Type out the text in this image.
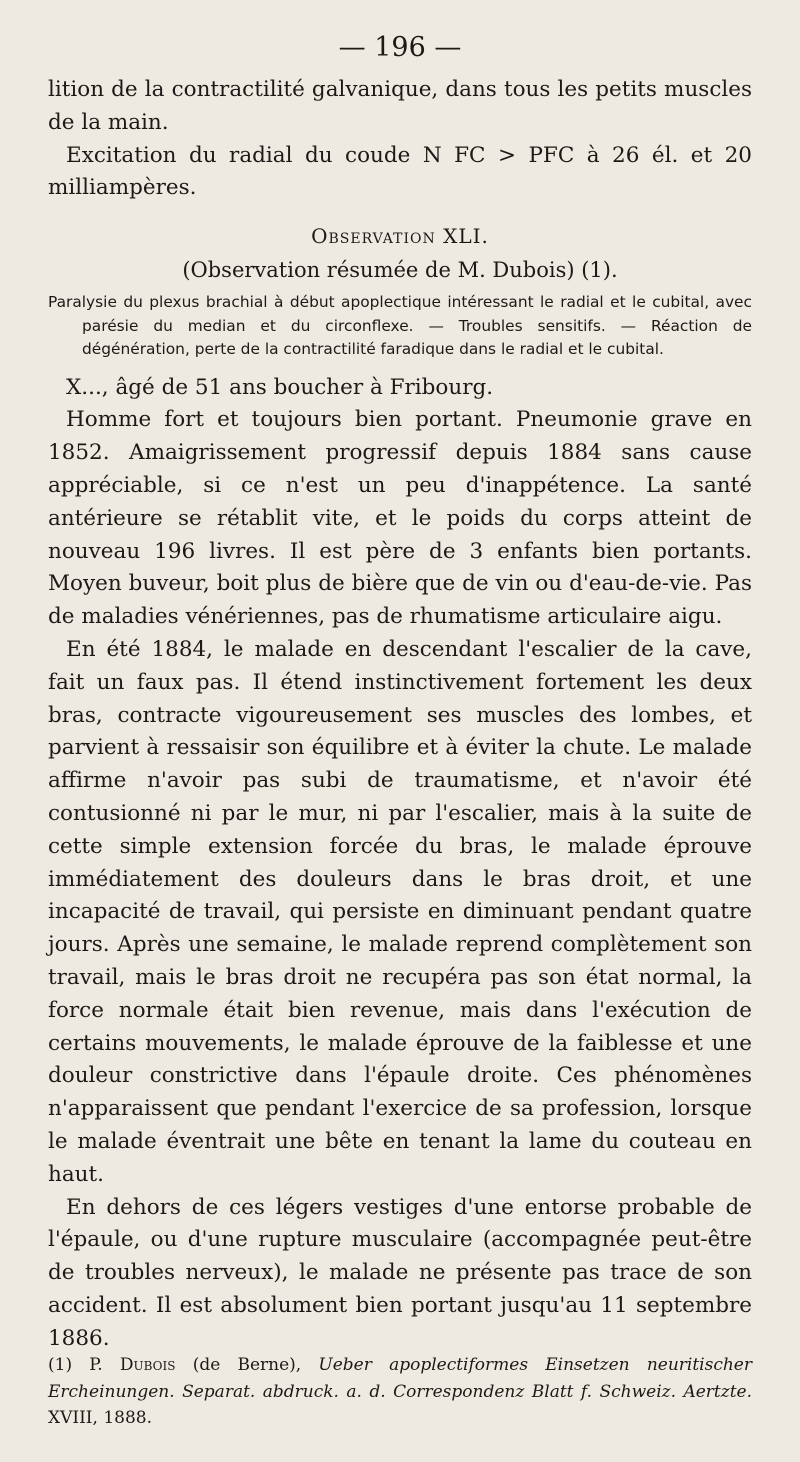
— 196 —

lition de la contractilité galvanique, dans tous les petits muscles de la main.

Excitation du radial du coude N FC > PFC à 26 él. et 20 milliampères.

Observation XLI.
(Observation résumée de M. Dubois) (1).

Paralysie du plexus brachial à début apoplectique intéressant le radial et le cubital, avec parésie du median et du circonflexe. — Troubles sensitifs. — Réaction de dégénération, perte de la contractilité faradique dans le radial et le cubital.

X..., âgé de 51 ans boucher à Fribourg.

Homme fort et toujours bien portant. Pneumonie grave en 1852. Amaigrissement progressif depuis 1884 sans cause appréciable, si ce n'est un peu d'inappétence. La santé antérieure se rétablit vite, et le poids du corps atteint de nouveau 196 livres. Il est père de 3 enfants bien portants. Moyen buveur, boit plus de bière que de vin ou d'eau-de-vie. Pas de maladies vénériennes, pas de rhumatisme articulaire aigu.

En été 1884, le malade en descendant l'escalier de la cave, fait un faux pas. Il étend instinctivement fortement les deux bras, contracte vigoureusement ses muscles des lombes, et parvient à ressaisir son équilibre et à éviter la chute. Le malade affirme n'avoir pas subi de traumatisme, et n'avoir été contusionné ni par le mur, ni par l'escalier, mais à la suite de cette simple extension forcée du bras, le malade éprouve immédiatement des douleurs dans le bras droit, et une incapacité de travail, qui persiste en diminuant pendant quatre jours. Après une semaine, le malade reprend complètement son travail, mais le bras droit ne recupéra pas son état normal, la force normale était bien revenue, mais dans l'exécution de certains mouvements, le malade éprouve de la faiblesse et une douleur constrictive dans l'épaule droite. Ces phénomènes n'apparaissent que pendant l'exercice de sa profession, lorsque le malade éventrait une bête en tenant la lame du couteau en haut.

En dehors de ces légers vestiges d'une entorse probable de l'épaule, ou d'une rupture musculaire (accompagnée peut-être de troubles nerveux), le malade ne présente pas trace de son accident. Il est absolument bien portant jusqu'au 11 septembre 1886.

(1) P. Dubois (de Berne), Ueber apoplectiformes Einsetzen neuritischer Ercheinungen. Separat. abdruck. a. d. Correspondenz Blatt f. Schweiz. Aertzte. XVIII, 1888.
